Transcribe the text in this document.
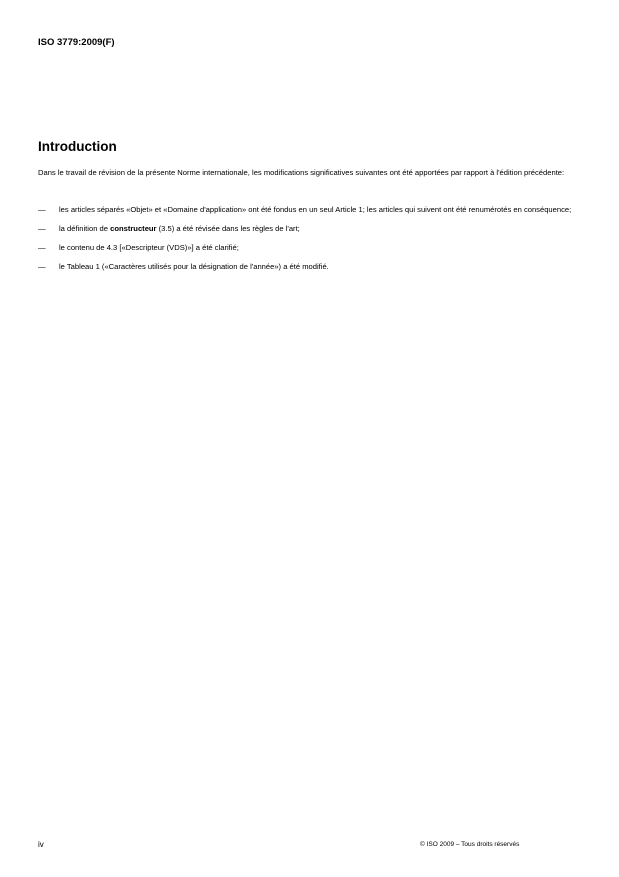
ISO 3779:2009(F)
Introduction
Dans le travail de révision de la présente Norme internationale, les modifications significatives suivantes ont été apportées par rapport à l'édition précédente:
— les articles séparés «Objet» et «Domaine d'application» ont été fondus en un seul Article 1; les articles qui suivent ont été renumérotés en conséquence;
— la définition de constructeur (3.5) a été révisée dans les règles de l'art;
— le contenu de 4.3 [«Descripteur (VDS)»] a été clarifié;
— le Tableau 1 («Caractères utilisés pour la désignation de l'année») a été modifié.
iv	© ISO 2009 – Tous droits réservés
